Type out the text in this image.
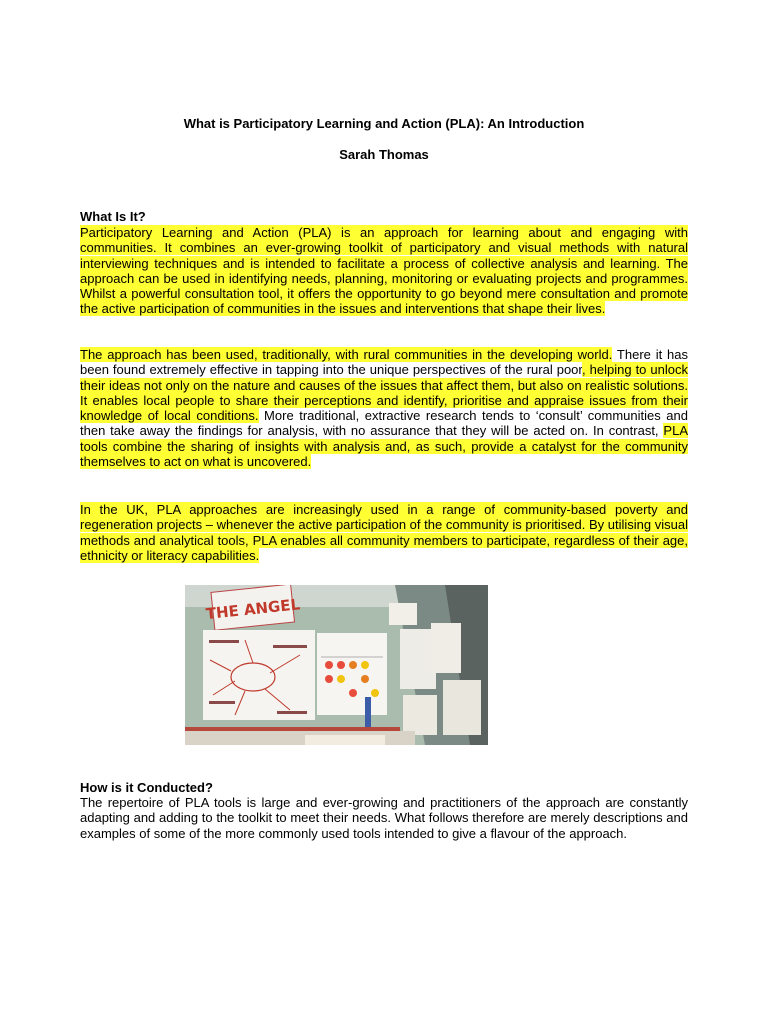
What is Participatory Learning and Action (PLA): An Introduction
Sarah Thomas
What Is It?
Participatory Learning and Action (PLA) is an approach for learning about and engaging with communities. It combines an ever-growing toolkit of participatory and visual methods with natural interviewing techniques and is intended to facilitate a process of collective analysis and learning. The approach can be used in identifying needs, planning, monitoring or evaluating projects and programmes. Whilst a powerful consultation tool, it offers the opportunity to go beyond mere consultation and promote the active participation of communities in the issues and interventions that shape their lives.
The approach has been used, traditionally, with rural communities in the developing world. There it has been found extremely effective in tapping into the unique perspectives of the rural poor, helping to unlock their ideas not only on the nature and causes of the issues that affect them, but also on realistic solutions. It enables local people to share their perceptions and identify, prioritise and appraise issues from their knowledge of local conditions. More traditional, extractive research tends to ‘consult’ communities and then take away the findings for analysis, with no assurance that they will be acted on. In contrast, PLA tools combine the sharing of insights with analysis and, as such, provide a catalyst for the community themselves to act on what is uncovered.
In the UK, PLA approaches are increasingly used in a range of community-based poverty and regeneration projects – whenever the active participation of the community is prioritised. By utilising visual methods and analytical tools, PLA enables all community members to participate, regardless of their age, ethnicity or literacy capabilities.
THE ANGEL
How is it Conducted?
The repertoire of PLA tools is large and ever-growing and practitioners of the approach are constantly adapting and adding to the toolkit to meet their needs. What follows therefore are merely descriptions and examples of some of the more commonly used tools intended to give a flavour of the approach.
